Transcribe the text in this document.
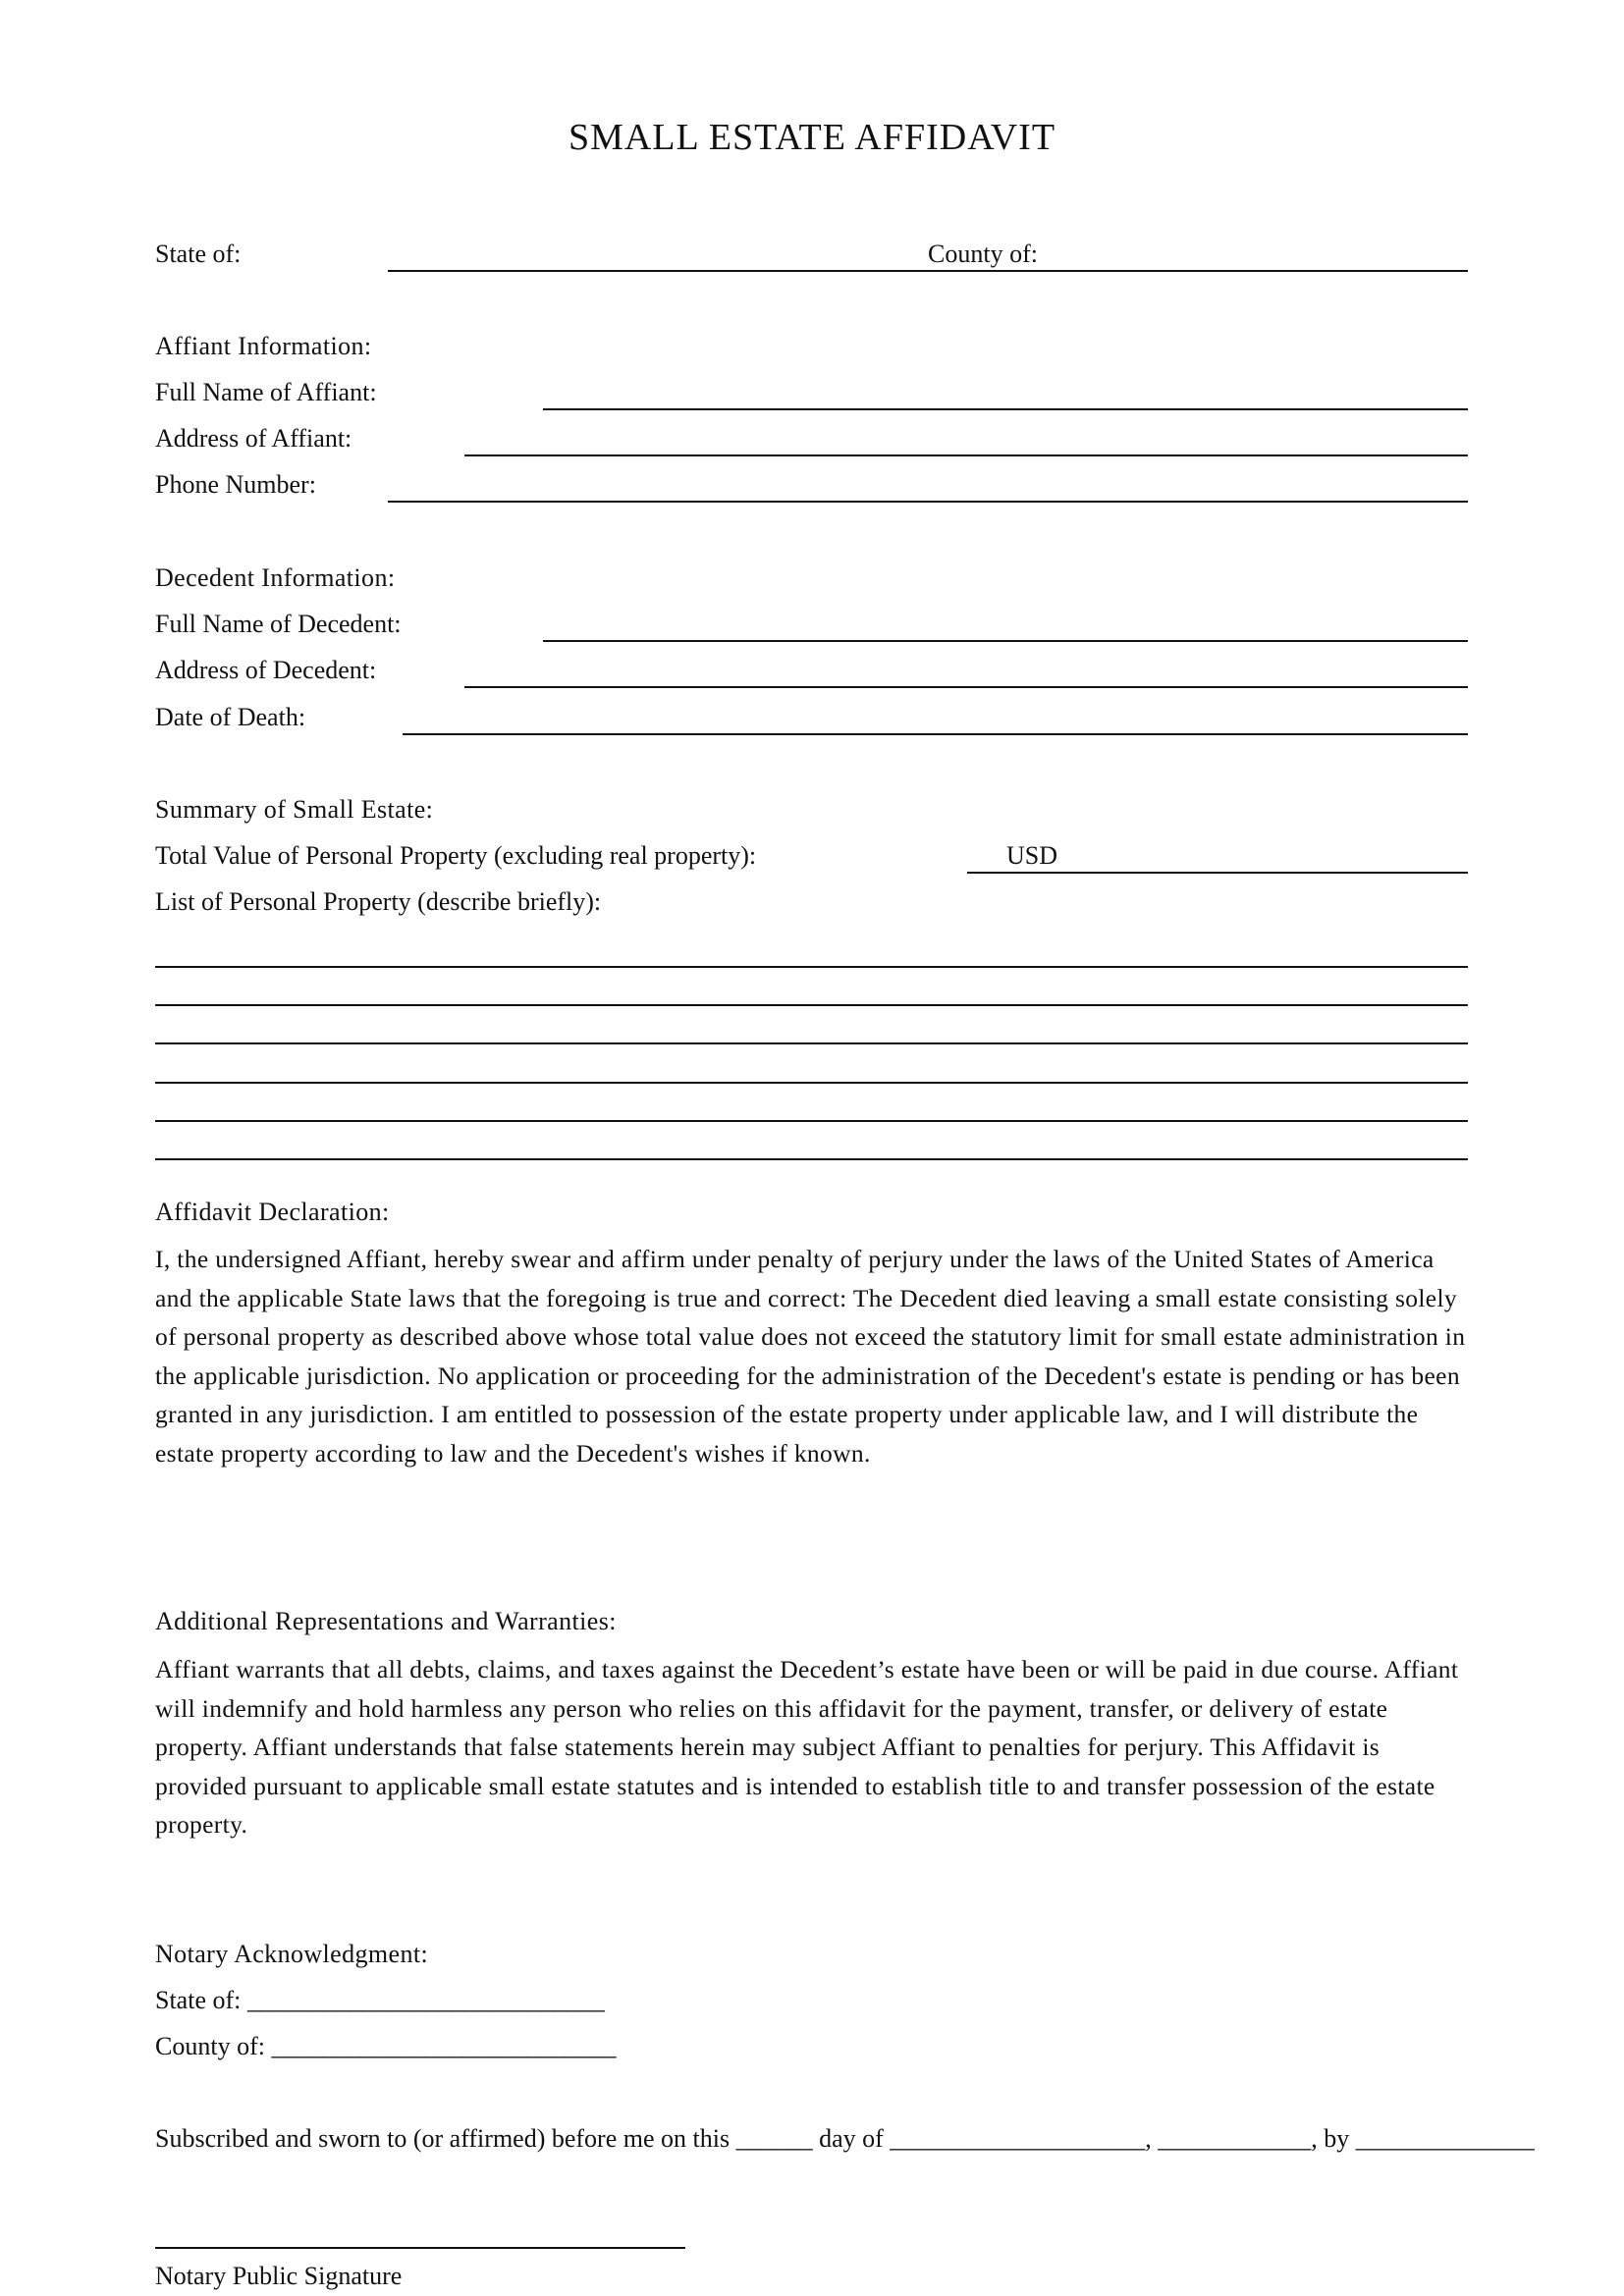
SMALL ESTATE AFFIDAVIT
State of:	County of:
Affiant Information:
Full Name of Affiant:
Address of Affiant:
Phone Number:
Decedent Information:
Full Name of Decedent:
Address of Decedent:
Date of Death:
Summary of Small Estate:
Total Value of Personal Property (excluding real property):	USD
List of Personal Property (describe briefly):
Affidavit Declaration:
I, the undersigned Affiant, hereby swear and affirm under penalty of perjury under the laws of the United States of America and the applicable State laws that the foregoing is true and correct: The Decedent died leaving a small estate consisting solely of personal property as described above whose total value does not exceed the statutory limit for small estate administration in the applicable jurisdiction. No application or proceeding for the administration of the Decedent's estate is pending or has been granted in any jurisdiction. I am entitled to possession of the estate property under applicable law, and I will distribute the estate property according to law and the Decedent's wishes if known.
Additional Representations and Warranties:
Affiant warrants that all debts, claims, and taxes against the Decedent’s estate have been or will be paid in due course. Affiant will indemnify and hold harmless any person who relies on this affidavit for the payment, transfer, or delivery of estate property. Affiant understands that false statements herein may subject Affiant to penalties for perjury. This Affidavit is provided pursuant to applicable small estate statutes and is intended to establish title to and transfer possession of the estate property.
Notary Acknowledgment:
State of: ____________________________
County of: ___________________________
Subscribed and sworn to (or affirmed) before me on this ______ day of ____________________, ____________, by ______________
Notary Public Signature
